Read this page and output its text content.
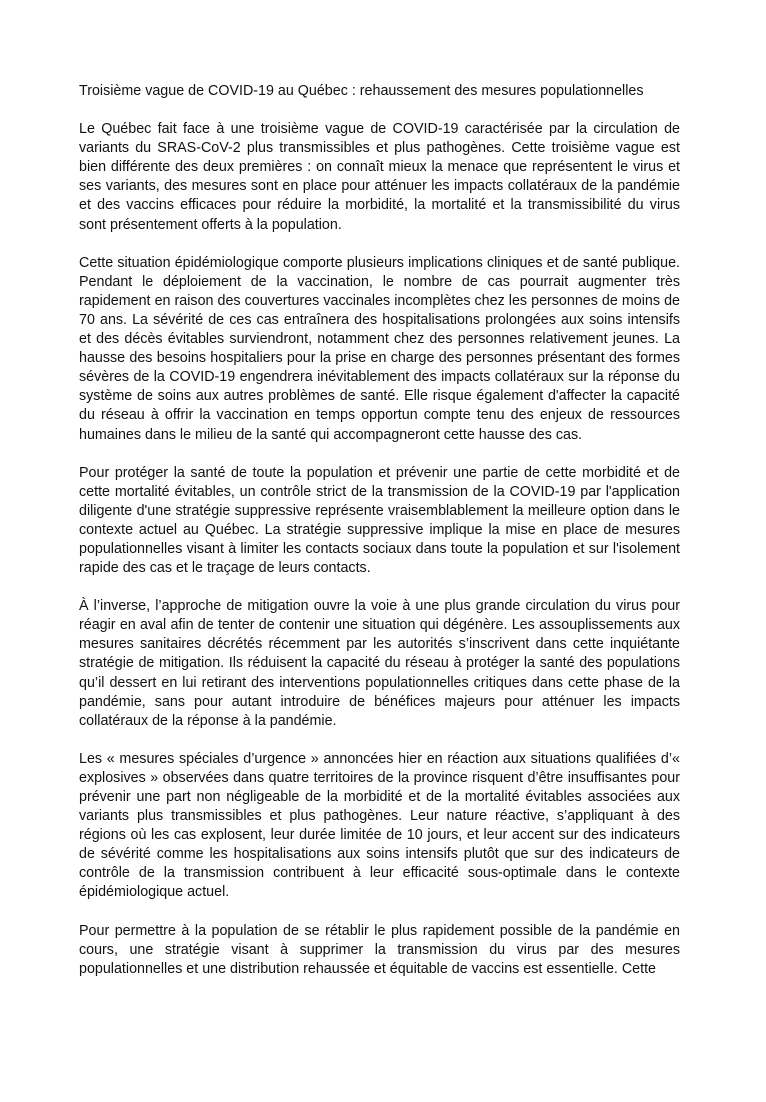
Troisième vague de COVID-19 au Québec : rehaussement des mesures populationnelles

Le Québec fait face à une troisième vague de COVID-19 caractérisée par la circulation de variants du SRAS-CoV-2 plus transmissibles et plus pathogènes. Cette troisième vague est bien différente des deux premières : on connaît mieux la menace que représentent le virus et ses variants, des mesures sont en place pour atténuer les impacts collatéraux de la pandémie et des vaccins efficaces pour réduire la morbidité, la mortalité et la transmissibilité du virus sont présentement offerts à la population.

Cette situation épidémiologique comporte plusieurs implications cliniques et de santé publique. Pendant le déploiement de la vaccination, le nombre de cas pourrait augmenter très rapidement en raison des couvertures vaccinales incomplètes chez les personnes de moins de 70 ans. La sévérité de ces cas entraînera des hospitalisations prolongées aux soins intensifs et des décès évitables surviendront, notamment chez des personnes relativement jeunes. La hausse des besoins hospitaliers pour la prise en charge des personnes présentant des formes sévères de la COVID-19 engendrera inévitablement des impacts collatéraux sur la réponse du système de soins aux autres problèmes de santé. Elle risque également d'affecter la capacité du réseau à offrir la vaccination en temps opportun compte tenu des enjeux de ressources humaines dans le milieu de la santé qui accompagneront cette hausse des cas.

Pour protéger la santé de toute la population et prévenir une partie de cette morbidité et de cette mortalité évitables, un contrôle strict de la transmission de la COVID-19 par l'application diligente d'une stratégie suppressive représente vraisemblablement la meilleure option dans le contexte actuel au Québec. La stratégie suppressive implique la mise en place de mesures populationnelles visant à limiter les contacts sociaux dans toute la population et sur l'isolement rapide des cas et le traçage de leurs contacts.

À l’inverse, l’approche de mitigation ouvre la voie à une plus grande circulation du virus pour réagir en aval afin de tenter de contenir une situation qui dégénère. Les assouplissements aux mesures sanitaires décrétés récemment par les autorités s’inscrivent dans cette inquiétante stratégie de mitigation. Ils réduisent la capacité du réseau à protéger la santé des populations qu’il dessert en lui retirant des interventions populationnelles critiques dans cette phase de la pandémie, sans pour autant introduire de bénéfices majeurs pour atténuer les impacts collatéraux de la réponse à la pandémie.

Les « mesures spéciales d’urgence » annoncées hier en réaction aux situations qualifiées d’« explosives » observées dans quatre territoires de la province risquent d’être insuffisantes pour prévenir une part non négligeable de la morbidité et de la mortalité évitables associées aux variants plus transmissibles et plus pathogènes. Leur nature réactive, s’appliquant à des régions où les cas explosent, leur durée limitée de 10 jours, et leur accent sur des indicateurs de sévérité comme les hospitalisations aux soins intensifs plutôt que sur des indicateurs de contrôle de la transmission contribuent à leur efficacité sous-optimale dans le contexte épidémiologique actuel.

Pour permettre à la population de se rétablir le plus rapidement possible de la pandémie en cours, une stratégie visant à supprimer la transmission du virus par des mesures populationnelles et une distribution rehaussée et équitable de vaccins est essentielle. Cette
